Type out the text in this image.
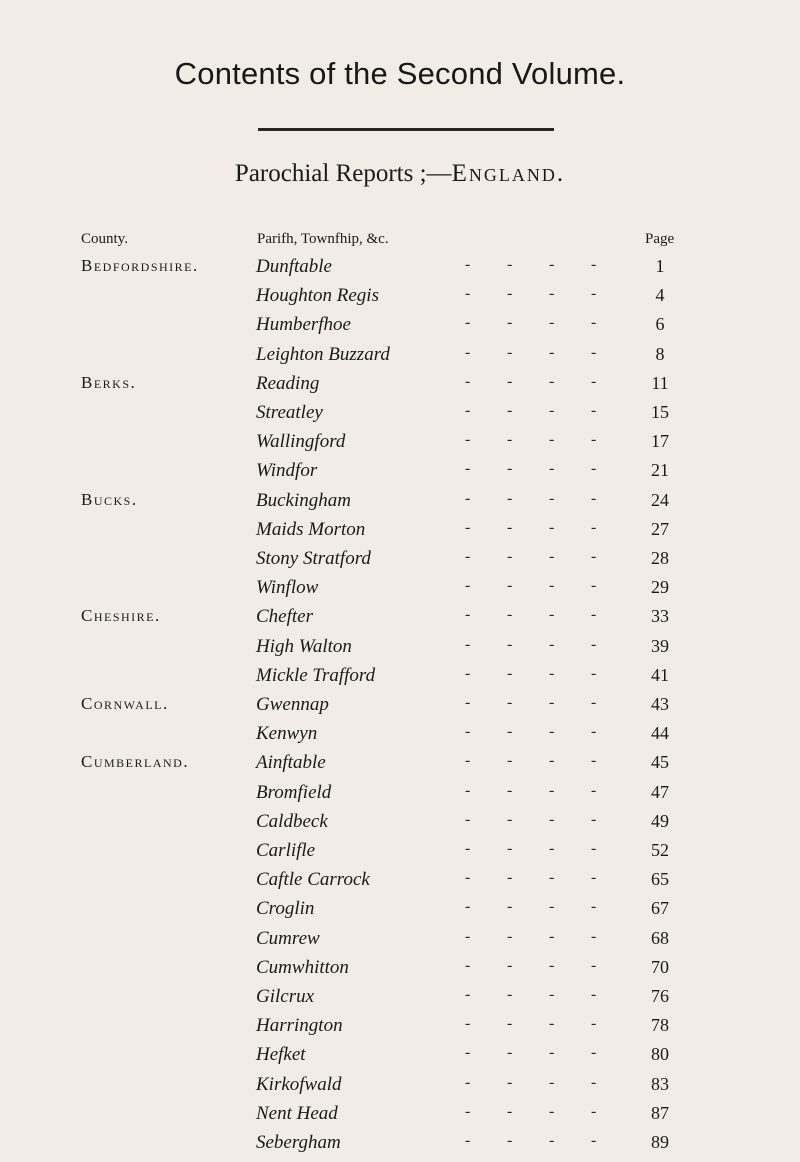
Contents of the Second Volume.
Parochial Reports ;—England.
County.	Parifh, Townfhip, &c.	Page
Bedfordshire.	Dunftable	- - - -	1
Houghton Regis	- - - -	4
Humberfhoe	- - - -	6
Leighton Buzzard	- - - -	8
Berks.	Reading	- - - -	11
Streatley	- - - -	15
Wallingford	- - - -	17
Windfor	- - - -	21
Bucks.	Buckingham	- - - -	24
Maids Morton	- - - -	27
Stony Stratford	- - - -	28
Winflow	- - - -	29
Cheshire.	Chefter	- - - -	33
High Walton	- - - -	39
Mickle Trafford	- - - -	41
Cornwall.	Gwennap	- - - -	43
Kenwyn	- - - -	44
Cumberland.	Ainftable	- - - -	45
Bromfield	- - - -	47
Caldbeck	- - - -	49
Carlifle	- - - -	52
Caftle Carrock	- - - -	65
Croglin	- - - -	67
Cumrew	- - - -	68
Cumwhitton	- - - -	70
Gilcrux	- - - -	76
Harrington	- - - -	78
Hefket	- - - -	80
Kirkofwald	- - - -	83
Nent Head	- - - -	87
Sebergham	- - - -	89
